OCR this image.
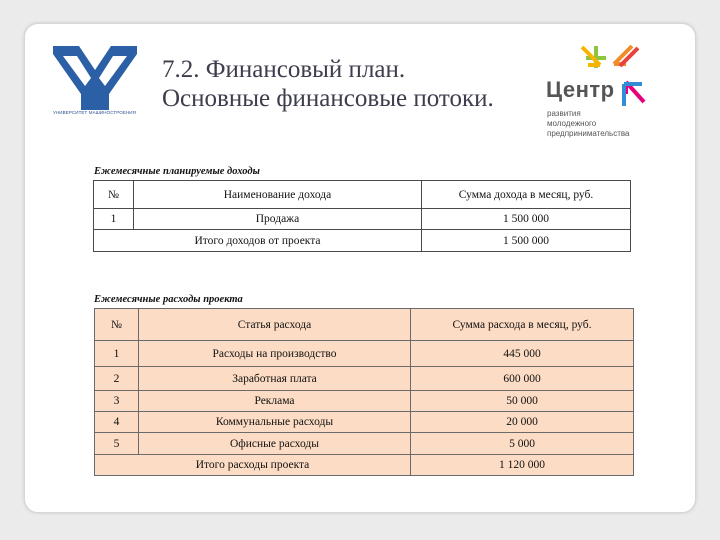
УНИВЕРСИТЕТ МАШИНОСТРОЕНИЯ
7.2. Финансовый план.
Основные финансовые потоки. Центр
развития
молодежного
предпринимательства
Ежемесячные планируемые доходы
№	Наименование дохода	Сумма дохода в месяц, руб.
1	Продажа	1 500 000
Итого доходов от проекта		1 500 000
Ежемесячные расходы проекта
№	Статья расхода	Сумма расхода в месяц, руб.
1	Расходы на производство	445 000
2	Заработная плата	600 000
3	Реклама	50 000
4	Коммунальные расходы	20 000
5	Офисные расходы	5 000
Итого расходы проекта		1 120 000
